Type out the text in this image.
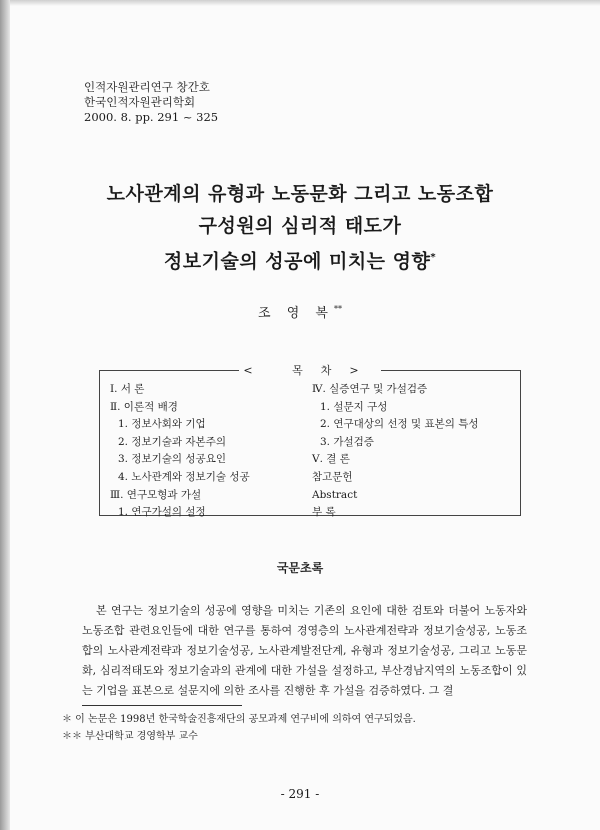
인적자원관리연구 창간호
한국인적자원관리학회
2000. 8. pp. 291 ~ 325
노사관계의 유형과 노동문화 그리고 노동조합
구성원의 심리적 태도가
정보기술의 성공에 미치는 영향*
조 영 복**
< 목차>
Ⅰ. 서 론
Ⅱ. 이론적 배경
1. 정보사회와 기업
2. 정보기술과 자본주의
3. 정보기술의 성공요인
4. 노사관계와 정보기술 성공
Ⅲ. 연구모형과 가설
1. 연구가설의 설정
Ⅳ. 실증연구 및 가설검증
1. 설문지 구성
2. 연구대상의 선정 및 표본의 특성
3. 가설검증
Ⅴ. 결 론
참고문헌
Abstract
부 록
국문초록

본 연구는 정보기술의 성공에 영향을 미치는 기존의 요인에 대한 검토와 더불어 노동자와 노동조합 관련요인들에 대한 연구를 통하여 경영층의 노사관계전략과 정보기술성공, 노동조합의 노사관계전략과 정보기술성공, 노사관계발전단계, 유형과 정보기술성공, 그리고 노동문화, 심리적태도와 정보기술과의 관계에 대한 가설을 설정하고, 부산경남지역의 노동조합이 있는 기업을 표본으로 설문지에 의한 조사를 진행한 후 가설을 검증하였다. 그 결

＊ 이 논문은 1998년 한국학술진흥재단의 공모과제 연구비에 의하여 연구되었음.
＊＊ 부산대학교 경영학부 교수
- 291 -
